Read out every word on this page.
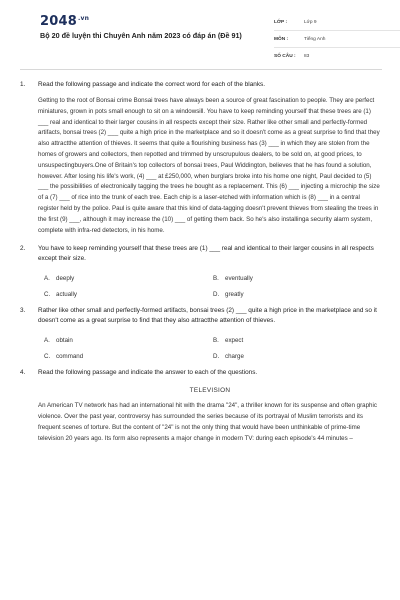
$2048^{.vn}$
Bộ 20 đề luyện thi Chuyên Anh năm 2023 có đáp án (Đề 91)
LỚP :	Lớp 9
MÔN :	Tiếng Anh
SỐ CÂU :	83
1.	Read the following passage and indicate the correct word for each of the blanks.
Getting to the root of Bonsai crime Bonsai trees have always been a source of great fascination to people. They are perfect miniatures, grown in pots small enough to sit on a windowsill. You have to keep reminding yourself that these trees are (1) ___ real and identical to their larger cousins in all respects except their size. Rather like other small and perfectly-formed artifacts, bonsai trees (2) ___ quite a high price in the marketplace and so it doesn't come as a great surprise to find that they also attractthe attention of thieves. It seems that quite a flourishing business has (3) ___ in which they are stolen from the homes of growers and collectors, then repotted and trimmed by unscrupulous dealers, to be sold on, at good prices, to unsuspectingbuyers.One of Britain's top collectors of bonsai trees, Paul Widdington, believes that he has found a solution, however. After losing his life's work, (4) ___ at £250,000, when burglars broke into his home one night, Paul decided to (5) ___ the possibilities of electronically tagging the trees he bought as a replacement. This (6) ___ injecting a microchip the size of a (7) ___ of rice into the trunk of each tree. Each chip is a laser-etched with information which is (8) ___ in a central register held by the police. Paul is quite aware that this kind of data-tagging doesn't prevent thieves from stealing the trees in the first (9) ___, although it may increase the (10) ___ of getting them back. So he's also installinga security alarm system, complete with infra-red detectors, in his home.
2.	You have to keep reminding yourself that these trees are (1) ___ real and identical to their larger cousins in all respects except their size.
A. deeply	B. eventually
C. actually	D. greatly
3.	Rather like other small and perfectly-formed artifacts, bonsai trees (2) ___ quite a high price in the marketplace and so it doesn't come as a great surprise to find that they also attractthe attention of thieves.
A. obtain	B. expect
C. command	D. charge
4.	Read the following passage and indicate the answer to each of the questions.
TELEVISION
An American TV network has had an international hit with the drama "24", a thriller known for its suspense and often graphic violence. Over the past year, controversy has surrounded the series because of its portrayal of Muslim terrorists and its frequent scenes of torture. But the content of "24" is not the only thing that would have been unthinkable of prime-time television 20 years ago. Its form also represents a major change in modern TV: during each episode's 44 minutes –
